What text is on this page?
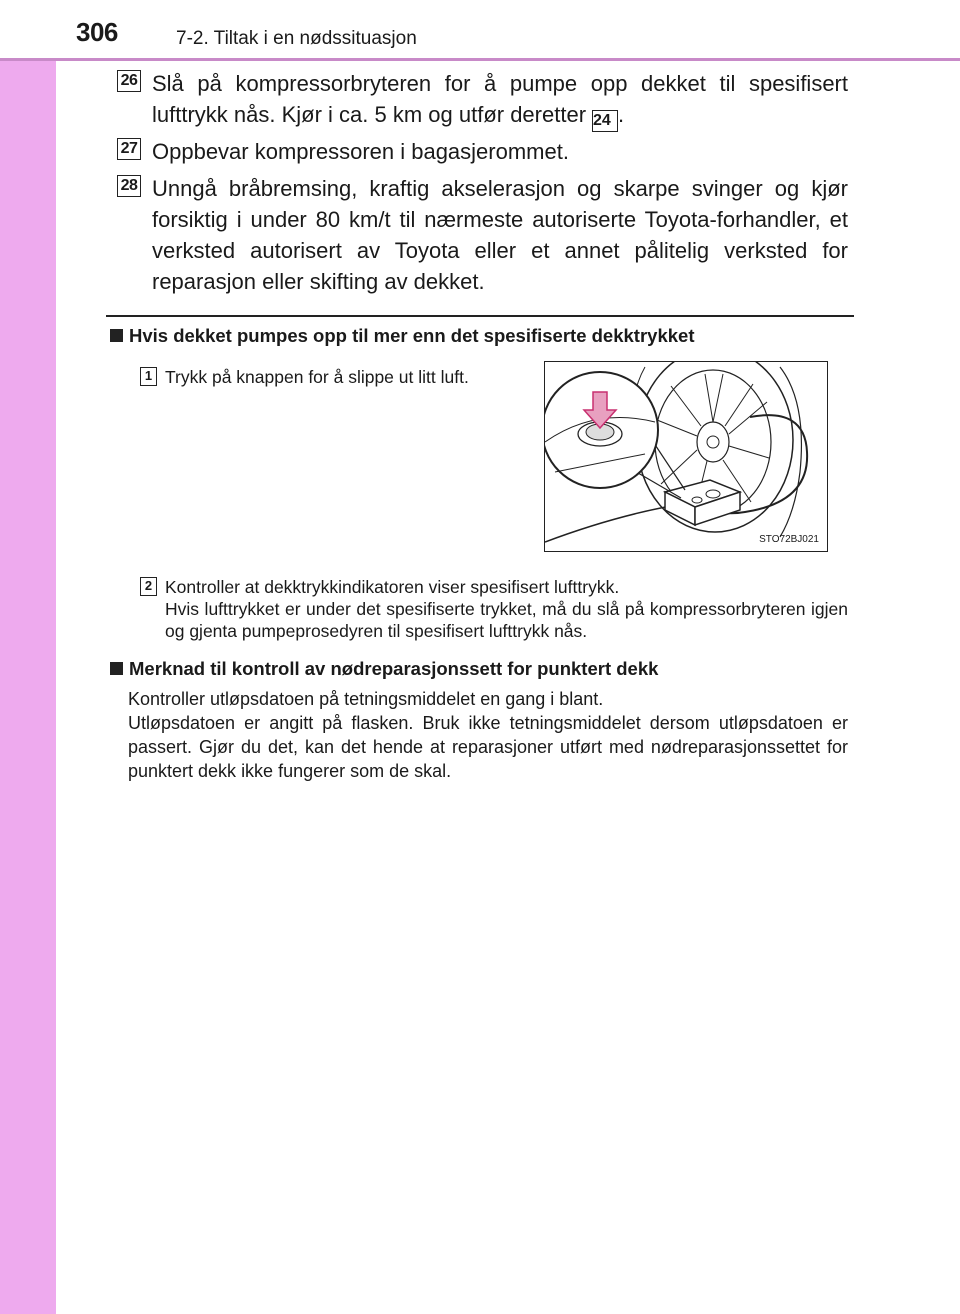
306	7-2. Tiltak i en nødssituasjon
26 Slå på kompressorbryteren for å pumpe opp dekket til spesifisert lufttrykk nås. Kjør i ca. 5 km og utfør deretter 24 .
27 Oppbevar kompressoren i bagasjerommet.
28 Unngå bråbremsing, kraftig akselerasjon og skarpe svinger og kjør forsiktig i under 80 km/t til nærmeste autoriserte Toyota-forhandler, et verksted autorisert av Toyota eller et annet pålitelig verksted for reparasjon eller skifting av dekket.
Hvis dekket pumpes opp til mer enn det spesifiserte dekktrykket
1 Trykk på knappen for å slippe ut litt luft.
STO72BJ021
2 Kontroller at dekktrykkindikatoren viser spesifisert lufttrykk.
Hvis lufttrykket er under det spesifiserte trykket, må du slå på kompressorbryteren igjen og gjenta pumpeprosedyren til spesifisert lufttrykk nås.
Merknad til kontroll av nødreparasjonssett for punktert dekk
Kontroller utløpsdatoen på tetningsmiddelet en gang i blant.
Utløpsdatoen er angitt på flasken. Bruk ikke tetningsmiddelet dersom utløpsdatoen er passert. Gjør du det, kan det hende at reparasjoner utført med nødreparasjonssettet for punktert dekk ikke fungerer som de skal.
